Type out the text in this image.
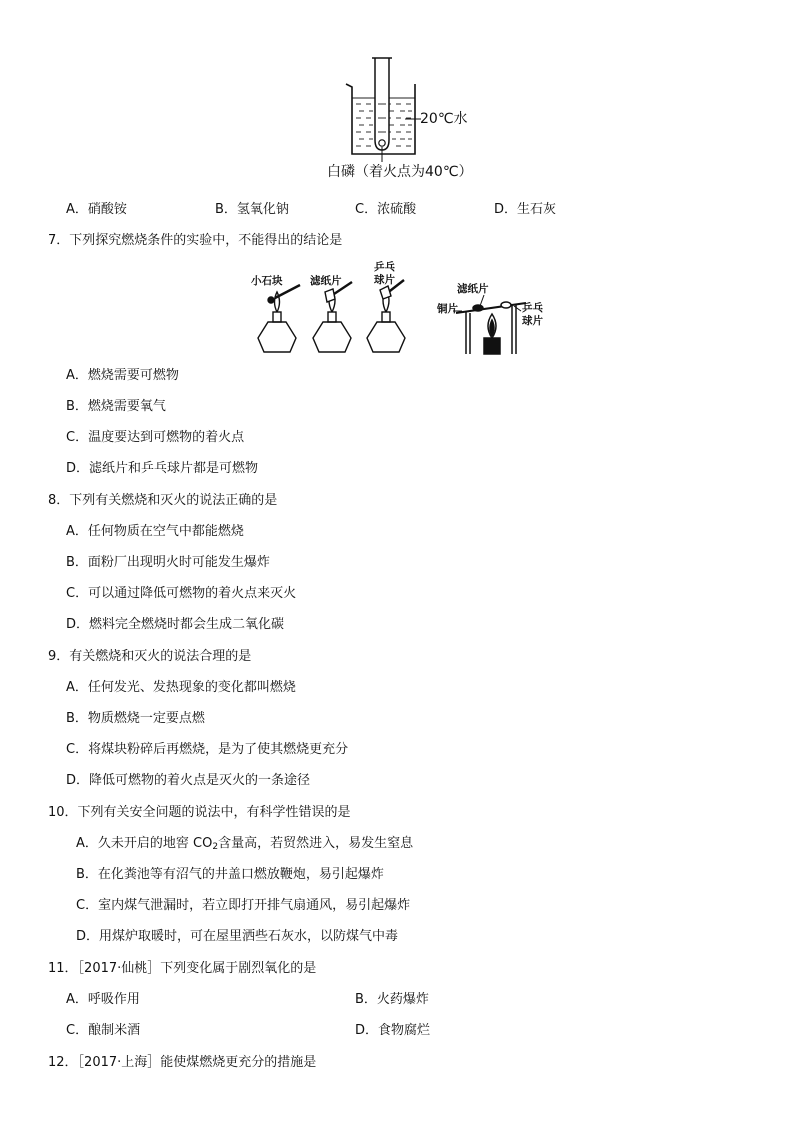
20℃水
白磷（着火点为40℃）
A．硝酸铵	B．氢氧化钠	C．浓硫酸	D．生石灰
7．下列探究燃烧条件的实验中，不能得出的结论是
小石块	滤纸片
乒乓
球片
滤纸片
铜片	乒乓
球片
A．燃烧需要可燃物
B．燃烧需要氧气
C．温度要达到可燃物的着火点
D．滤纸片和乒乓球片都是可燃物
8．下列有关燃烧和灭火的说法正确的是
A．任何物质在空气中都能燃烧
B．面粉厂出现明火时可能发生爆炸
C．可以通过降低可燃物的着火点来灭火
D．燃料完全燃烧时都会生成二氧化碳
9．有关燃烧和灭火的说法合理的是
A．任何发光、发热现象的变化都叫燃烧
B．物质燃烧一定要点燃
C．将煤块粉碎后再燃烧，是为了使其燃烧更充分
D．降低可燃物的着火点是灭火的一条途径
10．下列有关安全问题的说法中，有科学性错误的是
A．久未开启的地窖 $CO_2$含量高，若贸然进入，易发生窒息
B．在化粪池等有沼气的井盖口燃放鞭炮，易引起爆炸
C．室内煤气泄漏时，若立即打开排气扇通风，易引起爆炸
D．用煤炉取暖时，可在屋里洒些石灰水，以防煤气中毒
11．［2017·仙桃］下列变化属于剧烈氧化的是
A．呼吸作用	B．火药爆炸
C．酿制米酒	D．食物腐烂
12．［2017·上海］能使煤燃烧更充分的措施是
